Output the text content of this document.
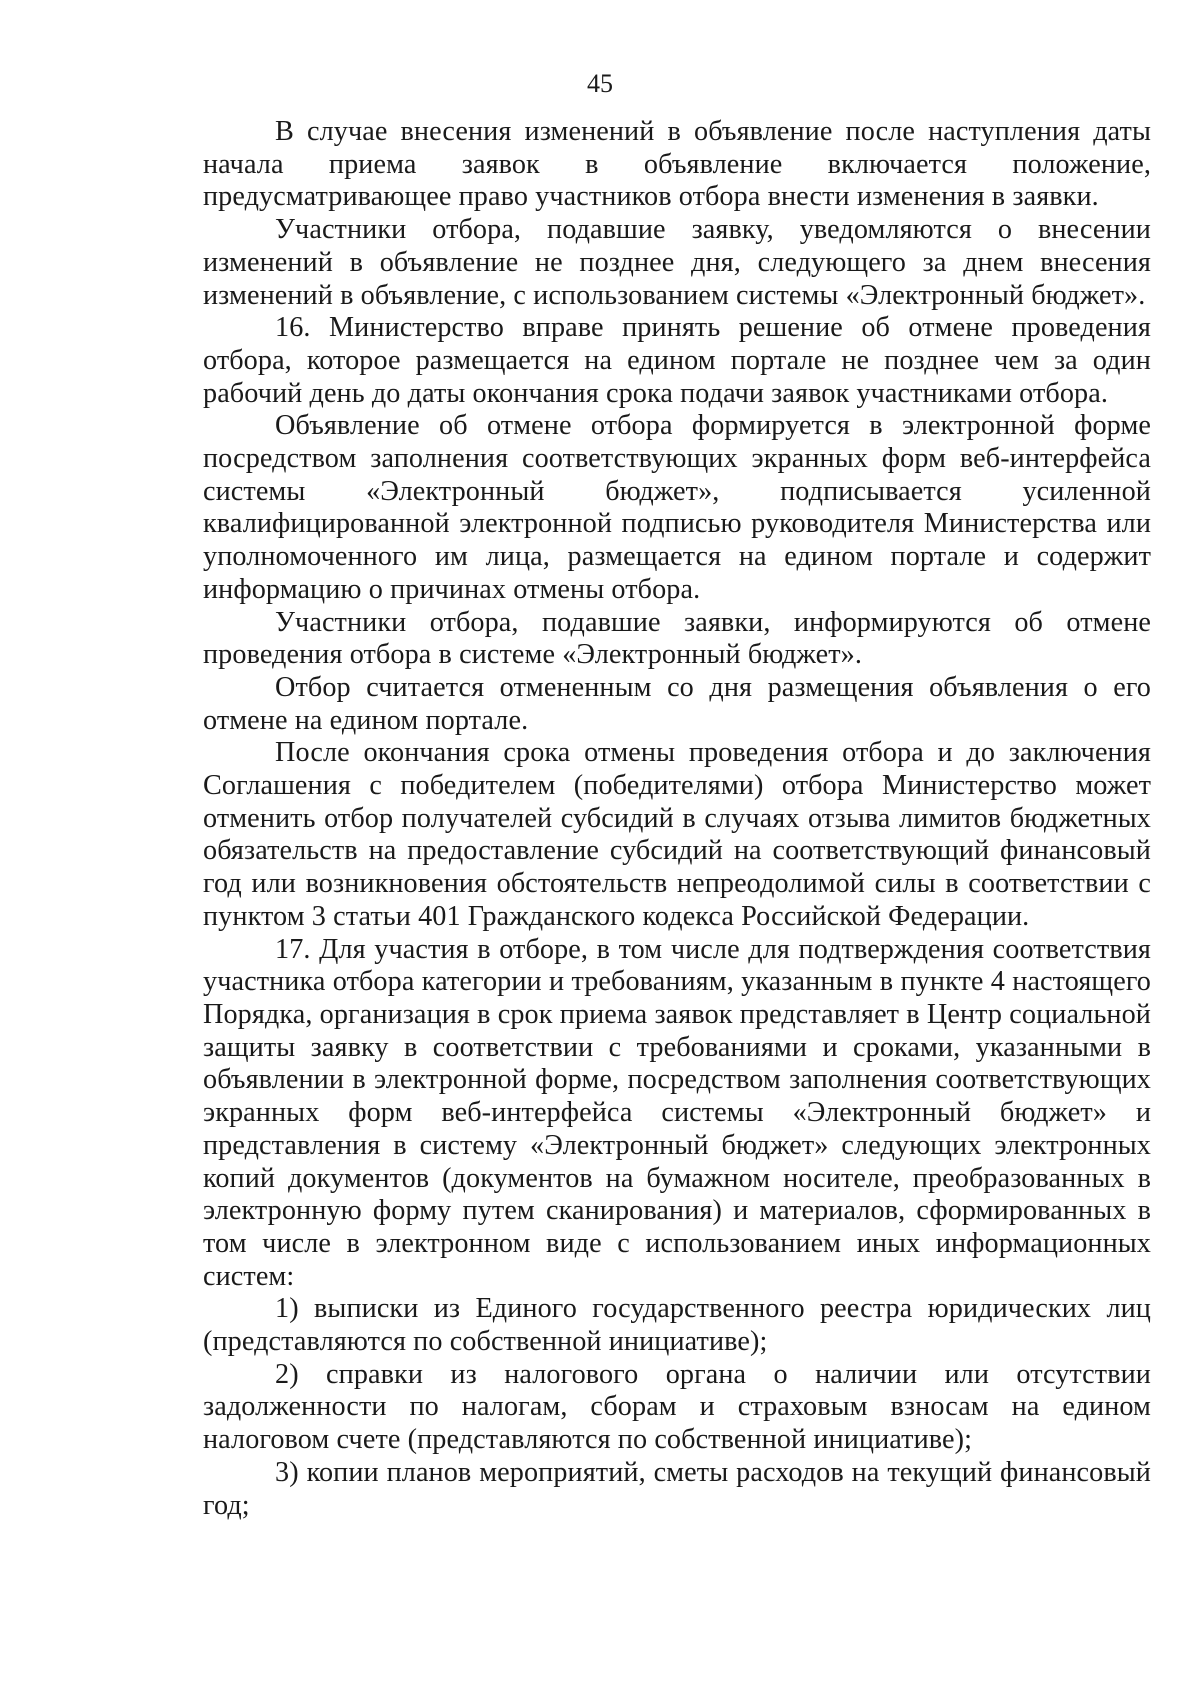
45

В случае внесения изменений в объявление после наступления даты начала приема заявок в объявление включается положение, предусматривающее право участников отбора внести изменения в заявки.

Участники отбора, подавшие заявку, уведомляются о внесении изменений в объявление не позднее дня, следующего за днем внесения изменений в объявление, с использованием системы «Электронный бюджет».

16. Министерство вправе принять решение об отмене проведения отбора, которое размещается на едином портале не позднее чем за один рабочий день до даты окончания срока подачи заявок участниками отбора.

Объявление об отмене отбора формируется в электронной форме посредством заполнения соответствующих экранных форм веб-интерфейса системы «Электронный бюджет», подписывается усиленной квалифицированной электронной подписью руководителя Министерства или уполномоченного им лица, размещается на едином портале и содержит информацию о причинах отмены отбора.

Участники отбора, подавшие заявки, информируются об отмене проведения отбора в системе «Электронный бюджет».

Отбор считается отмененным со дня размещения объявления о его отмене на едином портале.

После окончания срока отмены проведения отбора и до заключения Соглашения с победителем (победителями) отбора Министерство может отменить отбор получателей субсидий в случаях отзыва лимитов бюджетных обязательств на предоставление субсидий на соответствующий финансовый год или возникновения обстоятельств непреодолимой силы в соответствии с пунктом 3 статьи 401 Гражданского кодекса Российской Федерации.

17. Для участия в отборе, в том числе для подтверждения соответствия участника отбора категории и требованиям, указанным в пункте 4 настоящего Порядка, организация в срок приема заявок представляет в Центр социальной защиты заявку в соответствии с требованиями и сроками, указанными в объявлении в электронной форме, посредством заполнения соответствующих экранных форм веб-интерфейса системы «Электронный бюджет» и представления в систему «Электронный бюджет» следующих электронных копий документов (документов на бумажном носителе, преобразованных в электронную форму путем сканирования) и материалов, сформированных в том числе в электронном виде с использованием иных информационных систем:

1) выписки из Единого государственного реестра юридических лиц (представляются по собственной инициативе);

2) справки из налогового органа о наличии или отсутствии задолженности по налогам, сборам и страховым взносам на едином налоговом счете (представляются по собственной инициативе);

3) копии планов мероприятий, сметы расходов на текущий финансовый год;
